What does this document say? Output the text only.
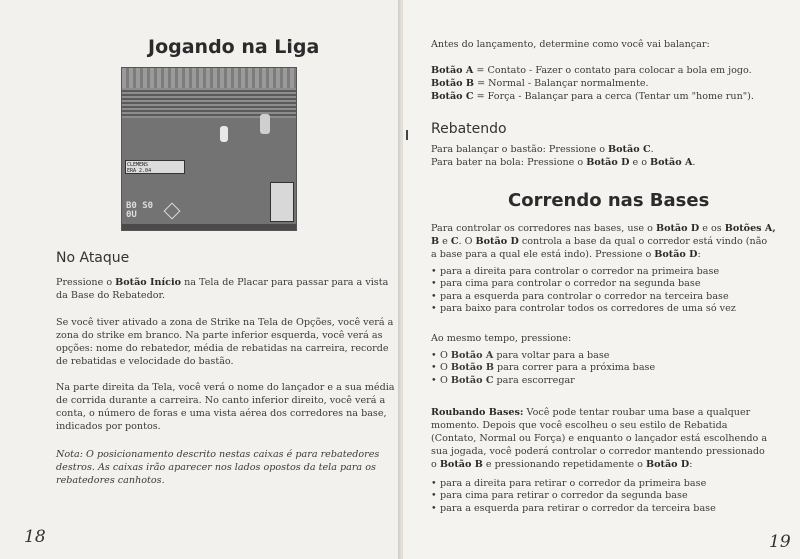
Jogando na Liga
CLEMENS
ERA 2.04
B0 S0
0U
No Ataque

Pressione o Botão Início na Tela de Placar para passar para a vista
da Base do Rebatedor.

Se você tiver ativado a zona de Strike na Tela de Opções, você verá a
zona do strike em branco. Na parte inferior esquerda, você verá as
opções: nome do rebatedor, média de rebatidas na carreira, recorde
de rebatidas e velocidade do bastão.

Na parte direita da Tela, você verá o nome do lançador e a sua média
de corrida durante a carreira. No canto inferior direito, você verá a
conta, o número de foras e uma vista aérea dos corredores na base,
indicados por pontos.

Nota: O posicionamento descrito nestas caixas é para rebatedores
destros. As caixas irão aparecer nos lados opostos da tela para os
rebatedores canhotos.

18

Antes do lançamento, determine como você vai balançar:

Botão A = Contato - Fazer o contato para colocar a bola em jogo.
Botão B = Normal - Balançar normalmente.
Botão C = Força - Balançar para a cerca (Tentar um "home run").

Rebatendo

Para balançar o bastão: Pressione o Botão C.
Para bater na bola: Pressione o Botão D e o Botão A.

Correndo nas Bases

Para controlar os corredores nas bases, use o Botão D e os Botões A,
B e C. O Botão D controla a base da qual o corredor está vindo (não
a base para a qual ele está indo). Pressione o Botão D:

• para a direita para controlar o corredor na primeira base
• para cima para controlar o corredor na segunda base
• para a esquerda para controlar o corredor na terceira base
• para baixo para controlar todos os corredores de uma só vez

Ao mesmo tempo, pressione:

• O Botão A para voltar para a base
• O Botão B para correr para a próxima base
• O Botão C para escorregar

Roubando Bases: Você pode tentar roubar uma base a qualquer
momento. Depois que você escolheu o seu estilo de Rebatida
(Contato, Normal ou Força) e enquanto o lançador está escolhendo a
sua jogada, você poderá controlar o corredor mantendo pressionado
o Botão B e pressionando repetidamente o Botão D:

• para a direita para retirar o corredor da primeira base
• para cima para retirar o corredor da segunda base
• para a esquerda para retirar o corredor da terceira base
19
